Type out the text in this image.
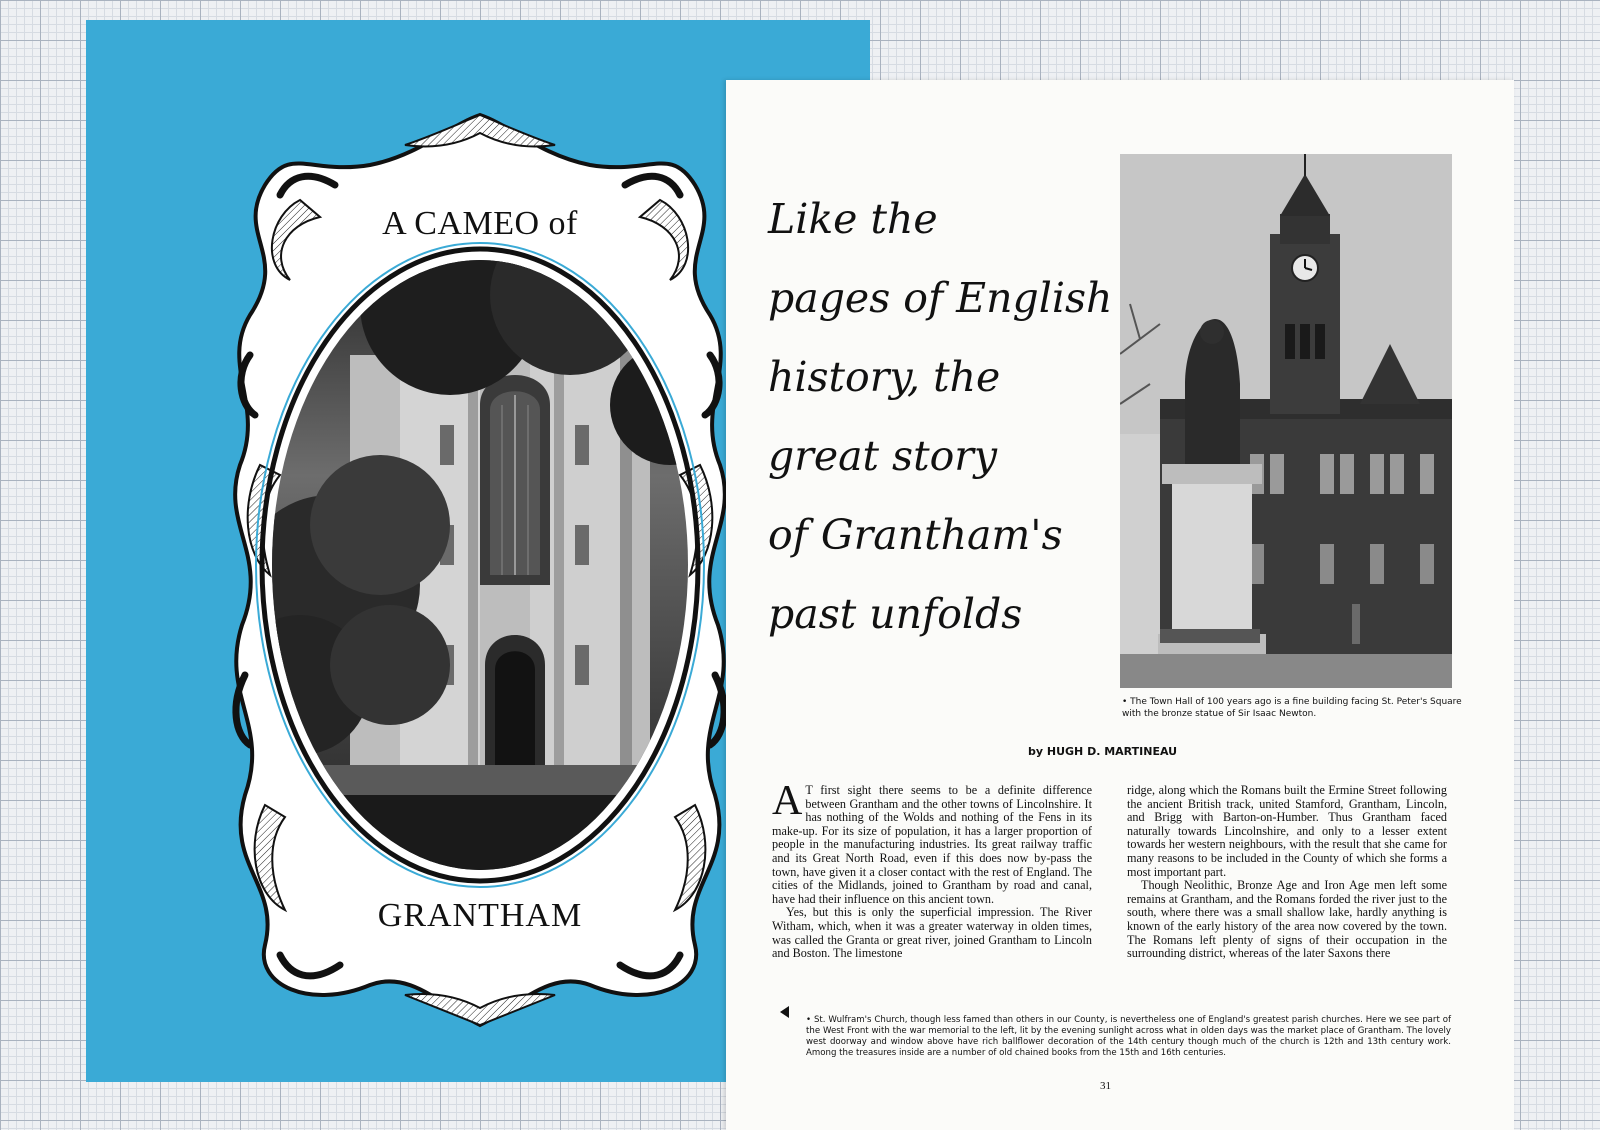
A CAMEO of
GRANTHAM
Like the
pages of English
history, the
great story
of Grantham's
past unfolds
• The Town Hall of 100 years ago is a fine building facing St. Peter's Square with the bronze statue of Sir Isaac Newton.
by HUGH D. MARTINEAU

A T first sight there seems to be a definite difference between Grantham and the other towns of Lincolnshire. It has nothing of the Wolds and nothing of the Fens in its make-up. For its size of population, it has a larger proportion of people in the manufacturing industries. Its great railway traffic and its Great North Road, even if this does now by-pass the town, have given it a closer contact with the rest of England. The cities of the Midlands, joined to Grantham by road and canal, have had their influence on this ancient town.

Yes, but this is only the superficial impression. The River Witham, which, when it was a greater waterway in olden times, was called the Granta or great river, joined Grantham to Lincoln and Boston. The limestone

ridge, along which the Romans built the Ermine Street following the ancient British track, united Stamford, Grantham, Lincoln, and Brigg with Barton-on-Humber. Thus Grantham faced naturally towards Lincolnshire, and only to a lesser extent towards her western neighbours, with the result that she came for many reasons to be included in the County of which she forms a most important part.

Though Neolithic, Bronze Age and Iron Age men left some remains at Grantham, and the Romans forded the river just to the south, where there was a small shallow lake, hardly anything is known of the early history of the area now covered by the town. The Romans left plenty of signs of their occupation in the surrounding district, whereas of the later Saxons there

• St. Wulfram's Church, though less famed than others in our County, is nevertheless one of England's greatest parish churches. Here we see part of the West Front with the war memorial to the left, lit by the evening sunlight across what in olden days was the market place of Grantham. The lovely west doorway and window above have rich ballflower decoration of the 14th century though much of the church is 12th and 13th century work. Among the treasures inside are a number of old chained books from the 15th and 16th centuries.
31
